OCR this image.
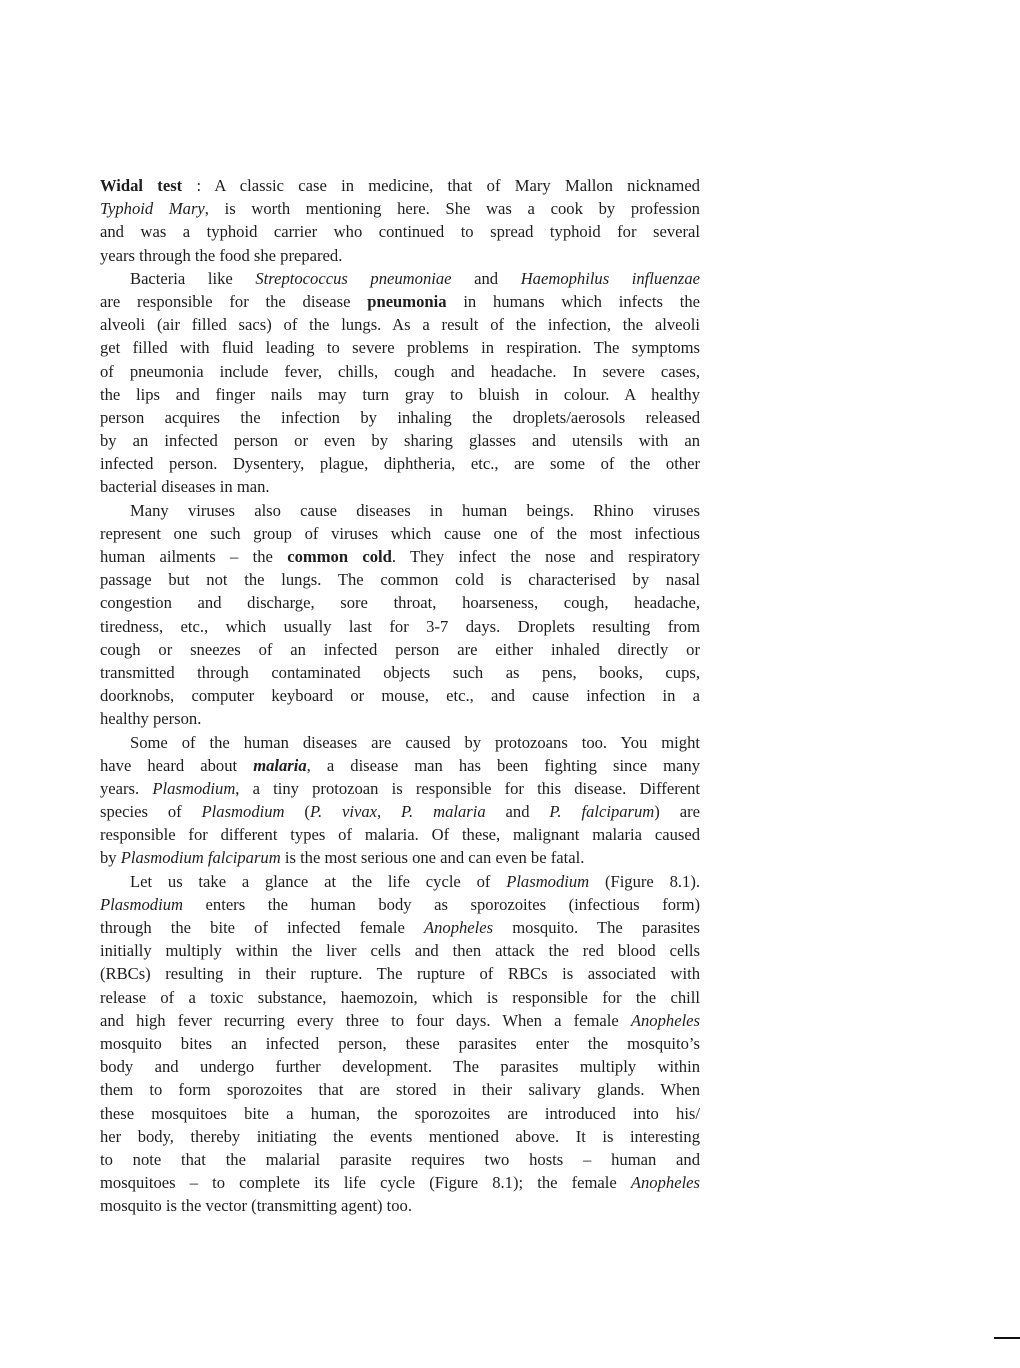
Widal test : A classic case in medicine, that of Mary Mallon nicknamed
Typhoid Mary, is worth mentioning here. She was a cook by profession
and was a typhoid carrier who continued to spread typhoid for several
years through the food she prepared.
Bacteria like Streptococcus pneumoniae and Haemophilus influenzae
are responsible for the disease pneumonia in humans which infects the
alveoli (air filled sacs) of the lungs. As a result of the infection, the alveoli
get filled with fluid leading to severe problems in respiration. The symptoms
of pneumonia include fever, chills, cough and headache. In severe cases,
the lips and finger nails may turn gray to bluish in colour. A healthy
person acquires the infection by inhaling the droplets/aerosols released
by an infected person or even by sharing glasses and utensils with an
infected person. Dysentery, plague, diphtheria, etc., are some of the other
bacterial diseases in man.
Many viruses also cause diseases in human beings. Rhino viruses
represent one such group of viruses which cause one of the most infectious
human ailments – the common cold. They infect the nose and respiratory
passage but not the lungs. The common cold is characterised by nasal
congestion and discharge, sore throat, hoarseness, cough, headache,
tiredness, etc., which usually last for 3-7 days. Droplets resulting from
cough or sneezes of an infected person are either inhaled directly or
transmitted through contaminated objects such as pens, books, cups,
doorknobs, computer keyboard or mouse, etc., and cause infection in a
healthy person.
Some of the human diseases are caused by protozoans too. You might
have heard about malaria, a disease man has been fighting since many
years. Plasmodium, a tiny protozoan is responsible for this disease. Different
species of Plasmodium (P. vivax, P. malaria and P. falciparum) are
responsible for different types of malaria. Of these, malignant malaria caused
by Plasmodium falciparum is the most serious one and can even be fatal.
Let us take a glance at the life cycle of Plasmodium (Figure 8.1).
Plasmodium enters the human body as sporozoites (infectious form)
through the bite of infected female Anopheles mosquito. The parasites
initially multiply within the liver cells and then attack the red blood cells
(RBCs) resulting in their rupture. The rupture of RBCs is associated with
release of a toxic substance, haemozoin, which is responsible for the chill
and high fever recurring every three to four days. When a female Anopheles
mosquito bites an infected person, these parasites enter the mosquito’s
body and undergo further development. The parasites multiply within
them to form sporozoites that are stored in their salivary glands. When
these mosquitoes bite a human, the sporozoites are introduced into his/
her body, thereby initiating the events mentioned above. It is interesting
to note that the malarial parasite requires two hosts – human and
mosquitoes – to complete its life cycle (Figure 8.1); the female Anopheles
mosquito is the vector (transmitting agent) too.
